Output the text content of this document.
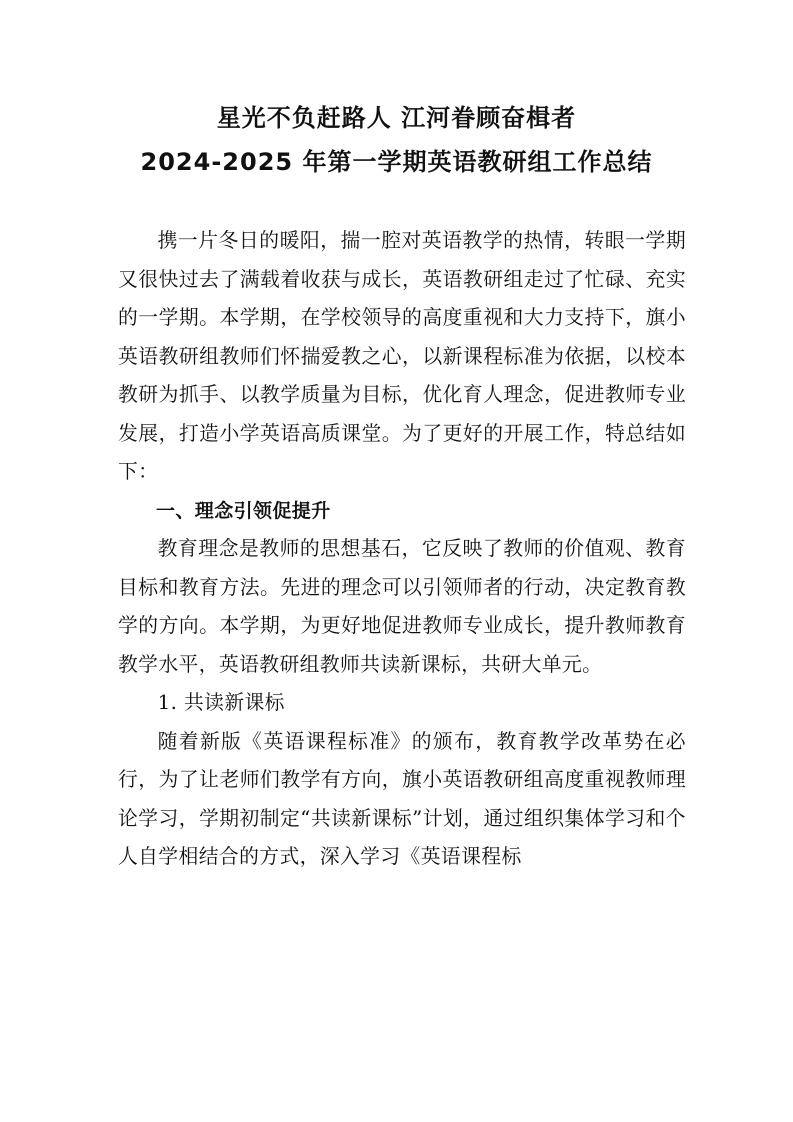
星光不负赶路人 江河眷顾奋楫者
2024-2025 年第一学期英语教研组工作总结

携一片冬日的暖阳，揣一腔对英语教学的热情，转眼一学期又很快过去了满载着收获与成长，英语教研组走过了忙碌、充实的一学期。本学期，在学校领导的高度重视和大力支持下，旗小英语教研组教师们怀揣爱教之心，以新课程标准为依据，以校本教研为抓手、以教学质量为目标，优化育人理念，促进教师专业发展，打造小学英语高质课堂。为了更好的开展工作，特总结如下：

一、理念引领促提升

教育理念是教师的思想基石，它反映了教师的价值观、教育目标和教育方法。先进的理念可以引领师者的行动，决定教育教学的方向。本学期，为更好地促进教师专业成长，提升教师教育教学水平，英语教研组教师共读新课标，共研大单元。

1. 共读新课标

随着新版《英语课程标准》的颁布，教育教学改革势在必行，为了让老师们教学有方向，旗小英语教研组高度重视教师理论学习，学期初制定“共读新课标”计划，通过组织集体学习和个人自学相结合的方式，深入学习《英语课程标
